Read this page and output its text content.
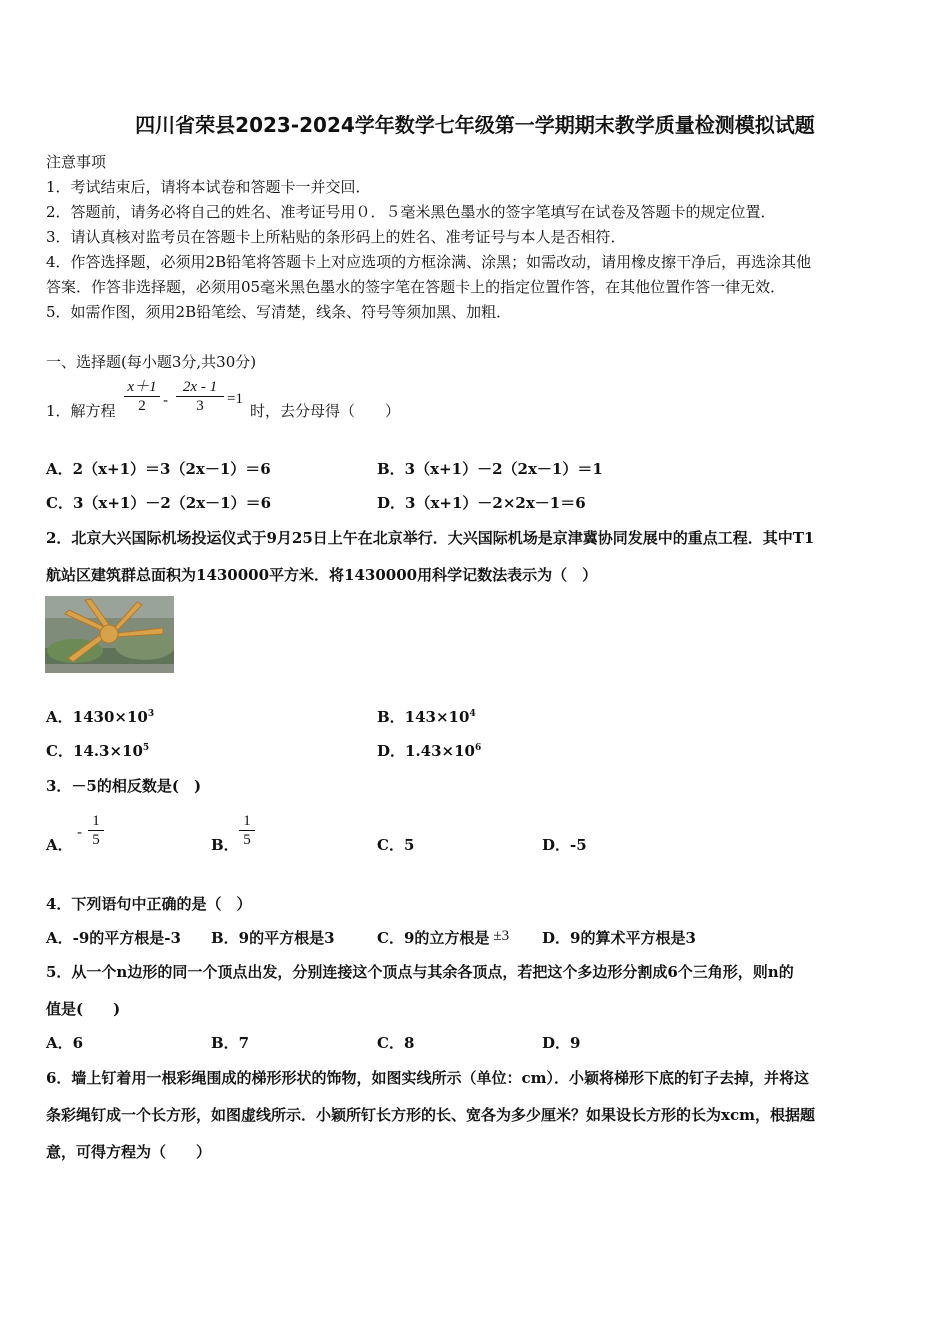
四川省荣县2023-2024学年数学七年级第一学期期末教学质量检测模拟试题
注意事项
1．考试结束后，请将本试卷和答题卡一并交回．
2．答题前，请务必将自己的姓名、准考证号用０．５毫米黑色墨水的签字笔填写在试卷及答题卡的规定位置．
3．请认真核对监考员在答题卡上所粘贴的条形码上的姓名、准考证号与本人是否相符．
4．作答选择题，必须用2B铅笔将答题卡上对应选项的方框涂满、涂黑；如需改动，请用橡皮擦干净后，再选涂其他
答案．作答非选择题，必须用05毫米黑色墨水的签字笔在答题卡上的指定位置作答，在其他位置作答一律无效．
5．如需作图，须用2B铅笔绘、写清楚，线条、符号等须加黑、加粗．
一、选择题(每小题3分,共30分)
1．解方程 $\frac{x+1}{2} - \frac{2x - 1}{3} =1$
时，去分母得（　　）
A．2（x+1）＝3（2x－1）＝6	B．3（x+1）－2（2x－1）＝1
C．3（x+1）－2（2x－1）＝6	D．3（x+1）－2×2x－1＝6
2．北京大兴国际机场投运仪式于9月25日上午在北京举行．大兴国际机场是京津冀协同发展中的重点工程．其中T1
航站区建筑群总面积为1430000平方米．将1430000用科学记数法表示为（　）
A．$1430\times 10^3$	B．$143\times 10^4$
C．$14.3\times 10^5$	D．$1.43\times 10^6$
3．－5的相反数是(　)
A．
- $\frac{1}{5}$	B． $\frac{1}{5}$	C．5	D．-5
4．下列语句中正确的是（　）
A．-9的平方根是-3 B．9的平方根是3	C．9的立方根是 ±3 D．9的算术平方根是3
5．从一个n边形的同一个顶点出发，分别连接这个顶点与其余各顶点，若把这个多边形分割成6个三角形，则n的
值是(　　)
A．6	B．7	C．8	D．9
6．墙上钉着用一根彩绳围成的梯形形状的饰物，如图实线所示（单位：cm）．小颖将梯形下底的钉子去掉，并将这
条彩绳钉成一个长方形，如图虚线所示．小颖所钉长方形的长、宽各为多少厘米？如果设长方形的长为xcm，根据题
意，可得方程为（　　）
